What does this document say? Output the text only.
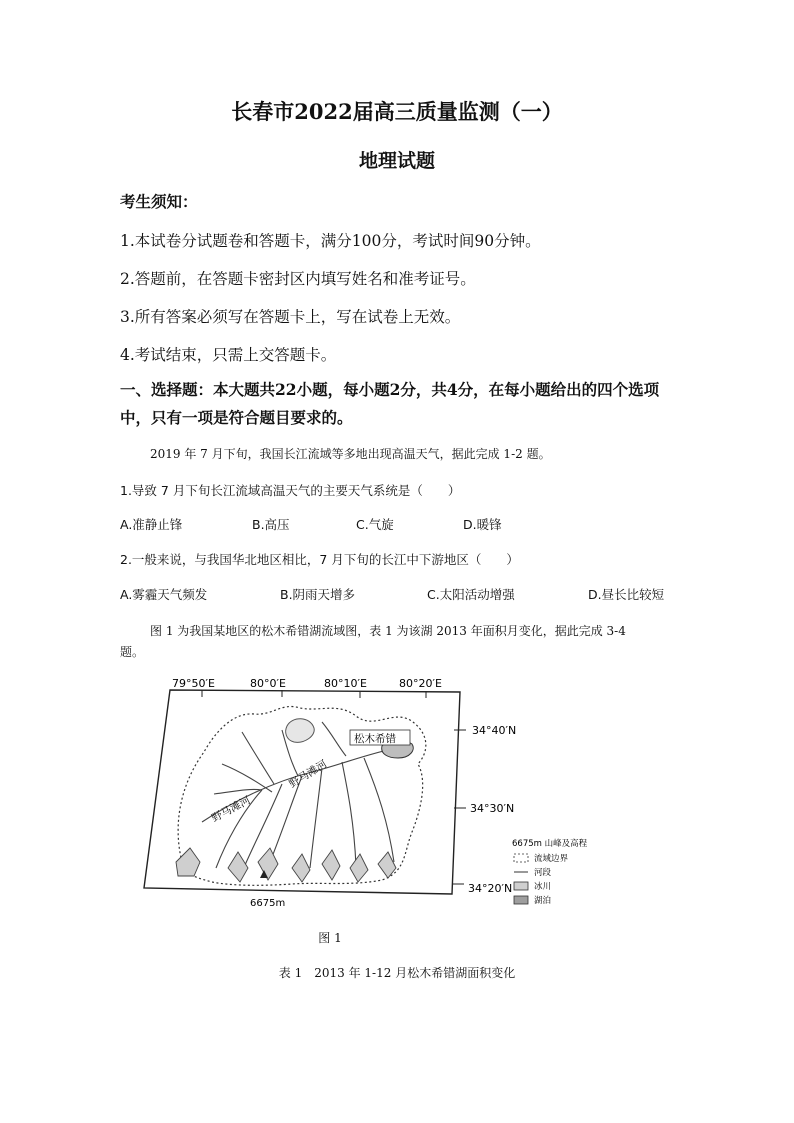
长春市2022届高三质量监测（一）
地理试题
考生须知：
1.本试卷分试题卷和答题卡，满分100分，考试时间90分钟。
2.答题前，在答题卡密封区内填写姓名和准考证号。
3.所有答案必须写在答题卡上，写在试卷上无效。
4.考试结束，只需上交答题卡。
一、选择题：本大题共22小题，每小题2分，共4分，在每小题给出的四个选项中，只有一项是符合题目要求的。
2019 年 7 月下旬，我国长江流域等多地出现高温天气，据此完成 1-2 题。
1.导致 7 月下旬长江流域高温天气的主要天气系统是（　　）
A.准静止锋	B.高压	C.气旋	D.暖锋
2.一般来说，与我国华北地区相比，7 月下旬的长江中下游地区（　　）
A.雾霾天气频发	B.阴雨天增多	C.太阳活动增强	D.昼长比较短
图 1 为我国某地区的松木希错湖流域图，表 1 为该湖 2013 年面积月变化，据此完成 3-4
题。
79°50′E	80°0′E	80°10′E	80°20′E
34°40′N
34°30′N
34°20′N
松木希错
野马滩河
野马滩河
6675m
6675m 山峰及高程
流域边界
河段
冰川
湖泊
图 1
表 1　2013 年 1-12 月松木希错湖面积变化
